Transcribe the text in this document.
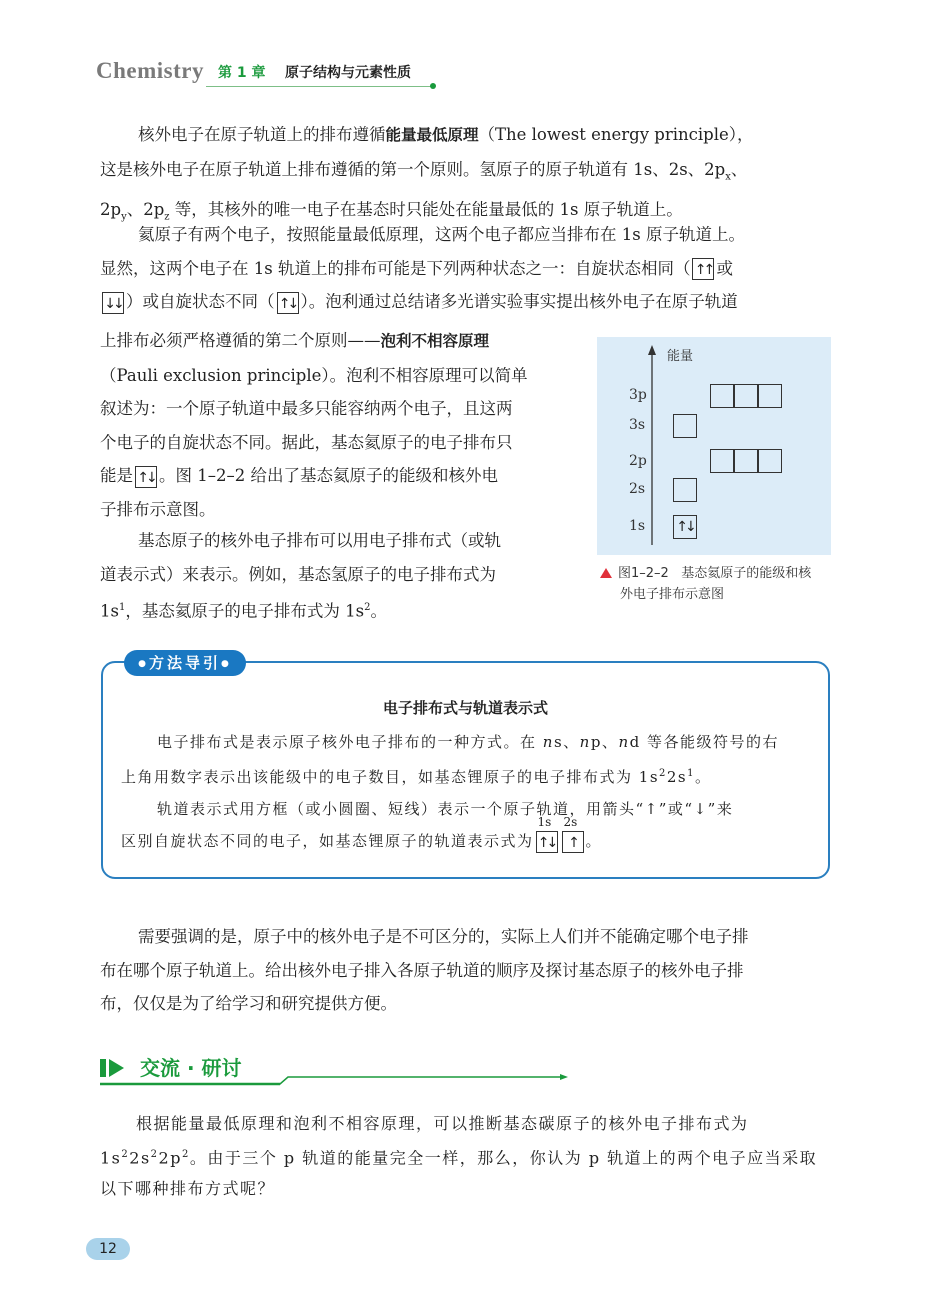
Chemistry 第 1 章 原子结构与元素性质

核外电子在原子轨道上的排布遵循能量最低原理（The lowest energy principle），

这是核外电子在原子轨道上排布遵循的第一个原则。氢原子的原子轨道有 1s、2s、$2p_x$、

$2p_y$、$2p_z$ 等，其核外的唯一电子在基态时只能处在能量最低的 1s 原子轨道上。

氦原子有两个电子，按照能量最低原理，这两个电子都应当排布在 1s 原子轨道上。

显然，这两个电子在 1s 轨道上的排布可能是下列两种状态之一：自旋状态相同（ ↑↑ 或

↓↓ ）或自旋状态不同（ ↑↓ ）。泡利通过总结诸多光谱实验事实提出核外电子在原子轨道

上排布必须严格遵循的第二个原则——泡利不相容原理

（Pauli exclusion principle）。泡利不相容原理可以简单

叙述为：一个原子轨道中最多只能容纳两个电子，且这两

个电子的自旋状态不同。据此，基态氦原子的电子排布只

能是 ↑↓ 。图 1–2–2 给出了基态氦原子的能级和核外电

子排布示意图。

基态原子的核外电子排布可以用电子排布式（或轨

道表示式）来表示。例如，基态氢原子的电子排布式为

$1s^1$，基态氦原子的电子排布式为 $1s^2$。

能量
3p
3s
2p
2s
1s ↑↓
图1–2–2 基态氦原子的能级和核
外电子排布示意图
●方法导引●
电子排布式与轨道表示式

电子排布式是表示原子核外电子排布的一种方式。在 ns、np、nd 等各能级符号的右

上角用数字表示出该能级中的电子数目，如基态锂原子的电子排布式为 $1s^22s^1$。

轨道表示式用方框（或小圆圈、短线）表示一个原子轨道，用箭头“↑”或“↓”来

区别自旋状态不同的电子，如基态锂原子的轨道表示式为
1s
↑↓
2s
↑ 。

需要强调的是，原子中的核外电子是不可区分的，实际上人们并不能确定哪个电子排

布在哪个原子轨道上。给出核外电子排入各原子轨道的顺序及探讨基态原子的核外电子排

布，仅仅是为了给学习和研究提供方便。

交流 · 研讨

根据能量最低原理和泡利不相容原理，可以推断基态碳原子的核外电子排布式为

$1s^22s^22p^2$。由于三个 p 轨道的能量完全一样，那么，你认为 p 轨道上的两个电子应当采取

以下哪种排布方式呢？

12
